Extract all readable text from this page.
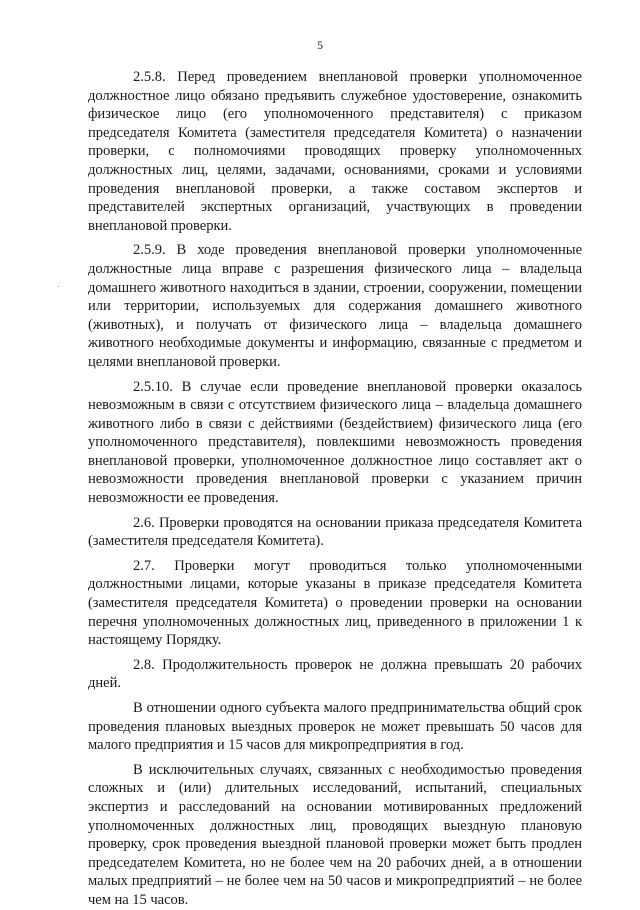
5

2.5.8. Перед проведением внеплановой проверки уполномоченное должностное лицо обязано предъявить служебное удостоверение, ознакомить физическое лицо (его уполномоченного представителя) с приказом председателя Комитета (заместителя председателя Комитета) о назначении проверки, с полномочиями проводящих проверку уполномоченных должностных лиц, целями, задачами, основаниями, сроками и условиями проведения внеплановой проверки, а также составом экспертов и представителей экспертных организаций, участвующих в проведении внеплановой проверки.

2.5.9. В ходе проведения внеплановой проверки уполномоченные должностные лица вправе с разрешения физического лица – владельца домашнего животного находиться в здании, строении, сооружении, помещении или территории, используемых для содержания домашнего животного (животных), и получать от физического лица – владельца домашнего животного необходимые документы и информацию, связанные с предметом и целями внеплановой проверки.

2.5.10. В случае если проведение внеплановой проверки оказалось невозможным в связи с отсутствием физического лица – владельца домашнего животного либо в связи с действиями (бездействием) физического лица (его уполномоченного представителя), повлекшими невозможность проведения внеплановой проверки, уполномоченное должностное лицо составляет акт о невозможности проведения внеплановой проверки с указанием причин невозможности ее проведения.

2.6. Проверки проводятся на основании приказа председателя Комитета (заместителя председателя Комитета).

2.7. Проверки могут проводиться только уполномоченными должностными лицами, которые указаны в приказе председателя Комитета (заместителя председателя Комитета) о проведении проверки на основании перечня уполномоченных должностных лиц, приведенного в приложении 1 к настоящему Порядку.

2.8. Продолжительность проверок не должна превышать 20 рабочих дней.

В отношении одного субъекта малого предпринимательства общий срок проведения плановых выездных проверок не может превышать 50 часов для малого предприятия и 15 часов для микропредприятия в год.

В исключительных случаях, связанных с необходимостью проведения сложных и (или) длительных исследований, испытаний, специальных экспертиз и расследований на основании мотивированных предложений уполномоченных должностных лиц, проводящих выездную плановую проверку, срок проведения выездной плановой проверки может быть продлен председателем Комитета, но не более чем на 20 рабочих дней, а в отношении малых предприятий – не более чем на 50 часов и микропредприятий – не более чем на 15 часов.
